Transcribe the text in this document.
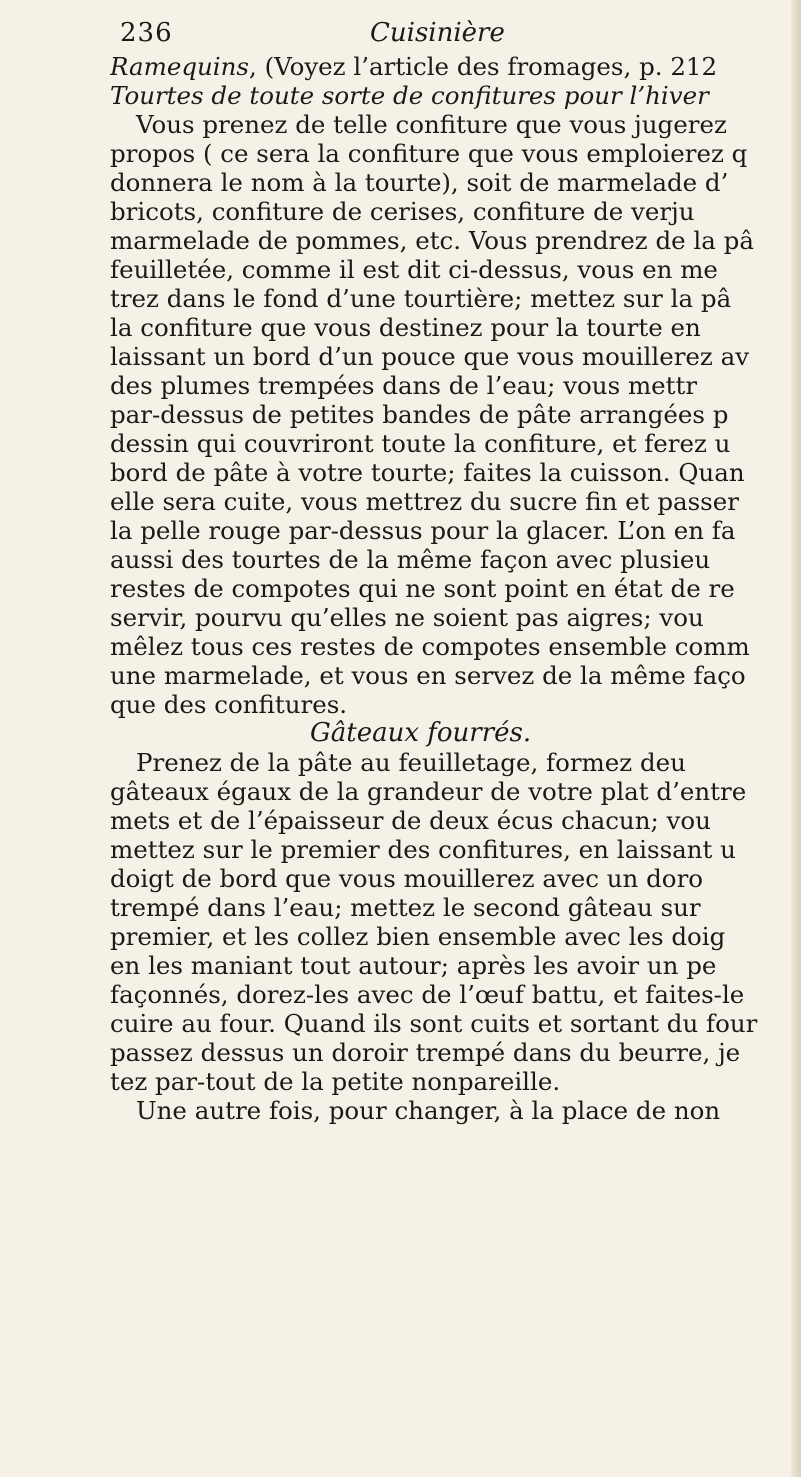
236	Cuisinière
Ramequins, (Voyez l’article des fromages, p. 212
Tourtes de toute sorte de confitures pour l’hiver
Vous prenez de telle confiture que vous jugerez
propos ( ce sera la confiture que vous emploierez q
donnera le nom à la tourte), soit de marmelade d’
bricots, confiture de cerises, confiture de verju
marmelade de pommes, etc. Vous prendrez de la pâ
feuilletée, comme il est dit ci-dessus, vous en me
trez dans le fond d’une tourtière; mettez sur la pâ
la confiture que vous destinez pour la tourte en
laissant un bord d’un pouce que vous mouillerez av
des plumes trempées dans de l’eau; vous mettr
par-dessus de petites bandes de pâte arrangées p
dessin qui couvriront toute la confiture, et ferez u
bord de pâte à votre tourte; faites la cuisson. Quan
elle sera cuite, vous mettrez du sucre fin et passer
la pelle rouge par-dessus pour la glacer. L’on en fa
aussi des tourtes de la même façon avec plusieu
restes de compotes qui ne sont point en état de re
servir, pourvu qu’elles ne soient pas aigres; vou
mêlez tous ces restes de compotes ensemble comm
une marmelade, et vous en servez de la même faço
que des confitures.
Gâteaux fourrés.
Prenez de la pâte au feuilletage, formez deu
gâteaux égaux de la grandeur de votre plat d’entre
mets et de l’épaisseur de deux écus chacun; vou
mettez sur le premier des confitures, en laissant u
doigt de bord que vous mouillerez avec un doro
trempé dans l’eau; mettez le second gâteau sur
premier, et les collez bien ensemble avec les doig
en les maniant tout autour; après les avoir un pe
façonnés, dorez-les avec de l’œuf battu, et faites-le
cuire au four. Quand ils sont cuits et sortant du four
passez dessus un doroir trempé dans du beurre, je
tez par-tout de la petite nonpareille.
Une autre fois, pour changer, à la place de non
